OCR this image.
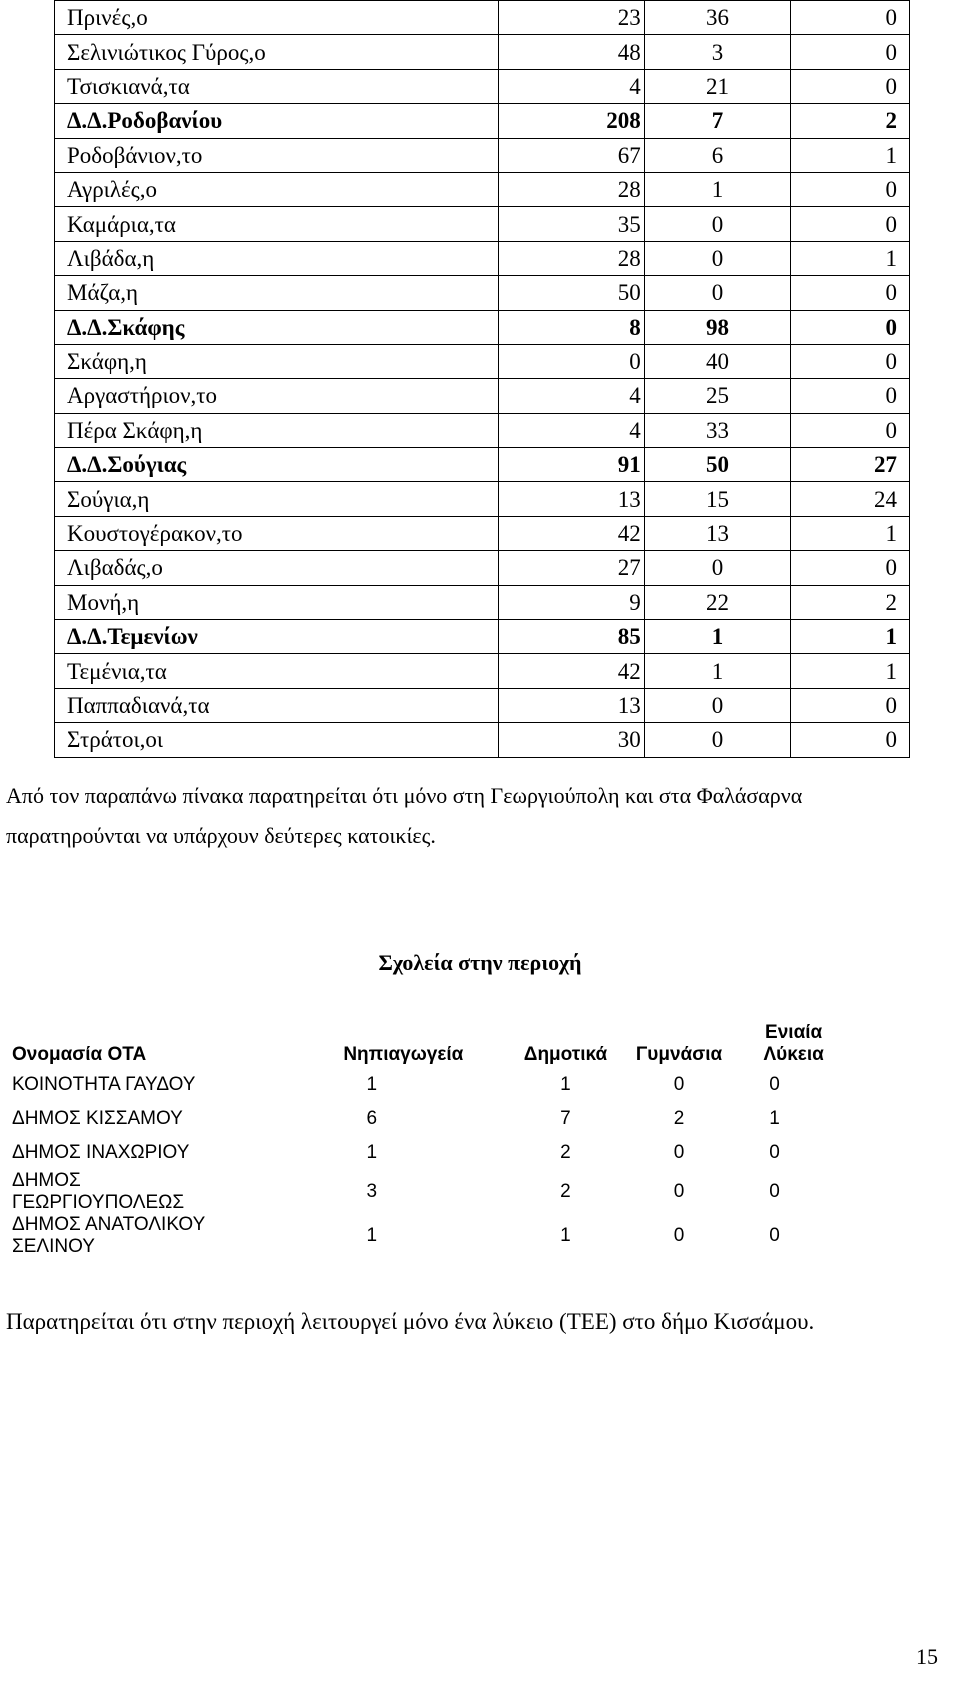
Πρινές,ο	23	36	0
Σελινιώτικος Γύρος,ο	48	3	0
Τσισκιανά,τα	4	21	0
Δ.Δ.Ροδοβανίου	208	7	2
Ροδοβάνιον,το	67	6	1
Αγριλές,ο	28	1	0
Καμάρια,τα	35	0	0
Λιβάδα,η	28	0	1
Μάζα,η	50	0	0
Δ.Δ.Σκάφης	8	98	0
Σκάφη,η	0	40	0
Αργαστήριον,το	4	25	0
Πέρα Σκάφη,η	4	33	0
Δ.Δ.Σούγιας	91	50	27
Σούγια,η	13	15	24
Κουστογέρακον,το	42	13	1
Λιβαδάς,ο	27	0	0
Μονή,η	9	22	2
Δ.Δ.Τεμενίων	85	1	1
Τεμένια,τα	42	1	1
Παππαδιανά,τα	13	0	0
Στράτοι,οι	30	0	0

Από τον παραπάνω πίνακα παρατηρείται ότι μόνο στη Γεωργιούπολη και στα Φαλάσαρνα παρατηρούνται να υπάρχουν δεύτερες κατοικίες.

Σχολεία στην περιοχή
Ονομασία ΟΤΑ	Νηπιαγωγεία	Δημοτικά	Γυμνάσια	Ενιαία
Λύκεια
ΚΟΙΝΟΤΗΤΑ ΓΑΥΔΟΥ	1	1	0	0
ΔΗΜΟΣ ΚΙΣΣΑΜΟΥ	6	7	2	1
ΔΗΜΟΣ ΙΝΑΧΩΡΙΟΥ	1	2	0	0
ΔΗΜΟΣ
ΓΕΩΡΓΙΟΥΠΟΛΕΩΣ	3	2	0	0
ΔΗΜΟΣ ΑΝΑΤΟΛΙΚΟΥ
ΣΕΛΙΝΟΥ	1	1	0	0

Παρατηρείται ότι στην περιοχή λειτουργεί μόνο ένα λύκειο (ΤΕΕ) στο δήμο Κισσάμου.

15
